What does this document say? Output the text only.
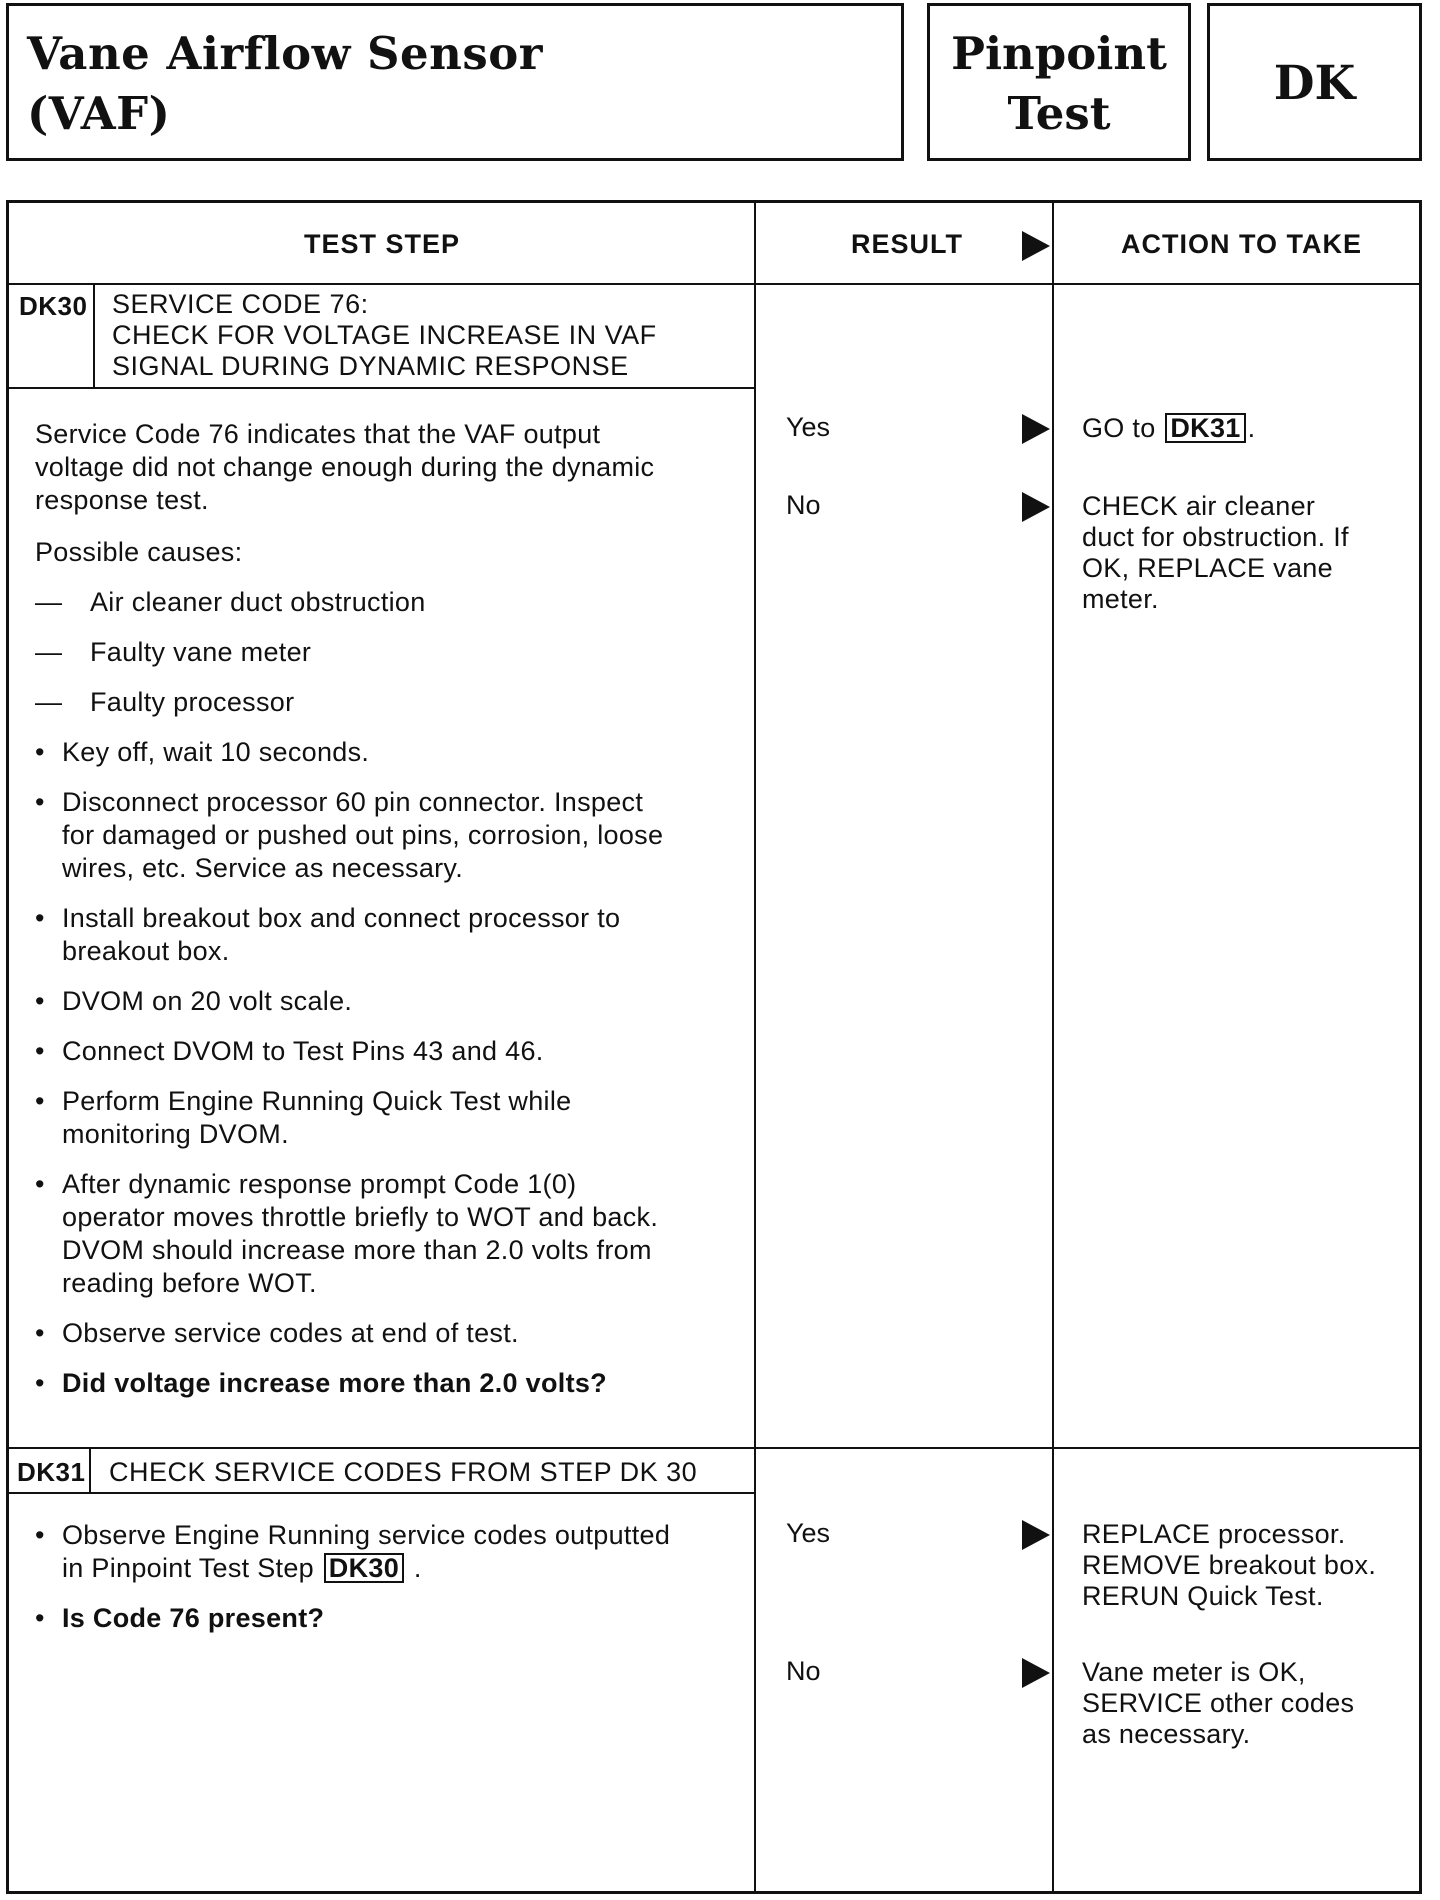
Vane Airflow Sensor
(VAF)
Pinpoint
Test
DK
TEST STEP	RESULT	ACTION TO TAKE
DK30 SERVICE CODE 76:
CHECK FOR VOLTAGE INCREASE IN VAF
SIGNAL DURING DYNAMIC RESPONSE
Service Code 76 indicates that the VAF output
voltage did not change enough during the dynamic
response test.
Possible causes:
— Air cleaner duct obstruction
— Faulty vane meter
— Faulty processor
• Key off, wait 10 seconds.
• Disconnect processor 60 pin connector. Inspect
for damaged or pushed out pins, corrosion, loose
wires, etc. Service as necessary.
• Install breakout box and connect processor to
breakout box.
• DVOM on 20 volt scale.
• Connect DVOM to Test Pins 43 and 46.
• Perform Engine Running Quick Test while
monitoring DVOM.
• After dynamic response prompt Code 1(0)
operator moves throttle briefly to WOT and back.
DVOM should increase more than 2.0 volts from
reading before WOT.
• Observe service codes at end of test.
• Did voltage increase more than 2.0 volts?
Yes	GO to DK31 .
No	CHECK air cleaner
duct for obstruction. If
OK, REPLACE vane
meter.
DK31 CHECK SERVICE CODES FROM STEP DK 30
• Observe Engine Running service codes outputted
in Pinpoint Test Step DK30 .
• Is Code 76 present?
Yes	REPLACE processor.
REMOVE breakout box.
RERUN Quick Test.
No	Vane meter is OK,
SERVICE other codes
as necessary.
